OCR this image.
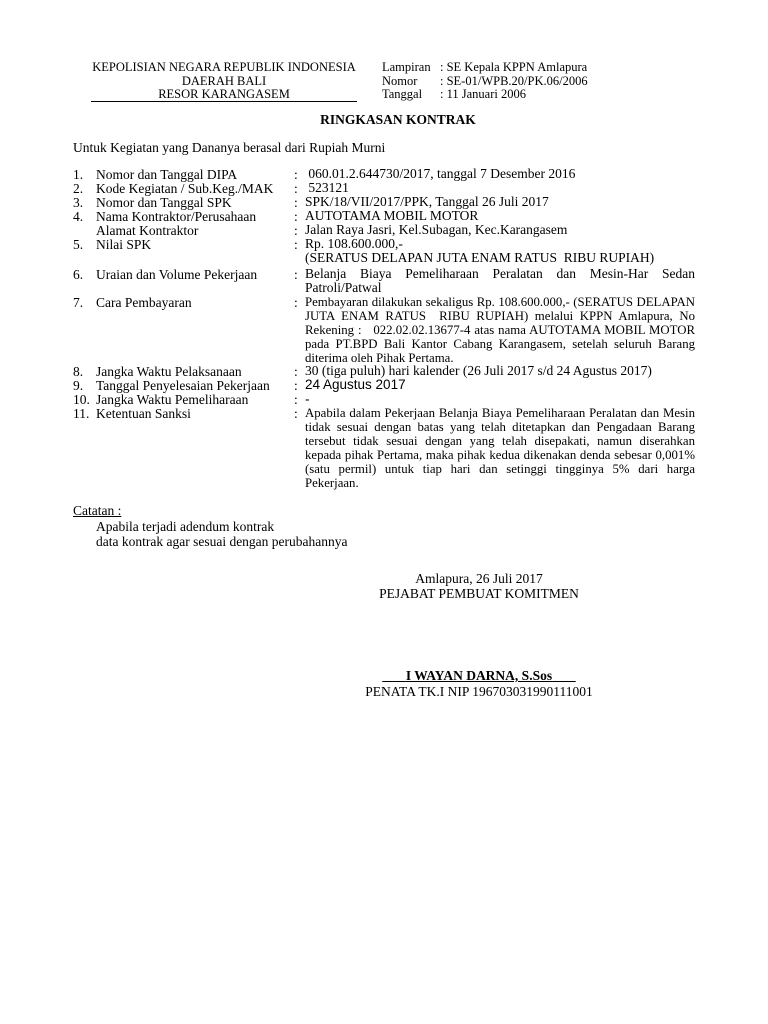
KEPOLISIAN NEGARA REPUBLIK INDONESIA
DAERAH BALI
RESOR KARANGASEM
Lampiran : SE Kepala KPPN Amlapura
Nomor	: SE-01/WPB.20/PK.06/2006
Tanggal	: 11 Januari 2006
RINGKASAN KONTRAK
Untuk Kegiatan yang Dananya berasal dari Rupiah Murni
1. Nomor dan Tanggal DIPA	: 060.01.2.644730/2017, tanggal 7 Desember 2016
2. Kode Kegiatan / Sub.Keg./MAK : 523121
3. Nomor dan Tanggal SPK	: SPK/18/VII/2017/PPK, Tanggal 26 Juli 2017
4. Nama Kontraktor/Perusahaan	: AUTOTAMA MOBIL MOTOR
Alamat Kontraktor	: Jalan Raya Jasri, Kel.Subagan, Kec.Karangasem
5. Nilai SPK	: Rp. 108.600.000,-
(SERATUS DELAPAN JUTA ENAM RATUS  RIBU RUPIAH)
6. Uraian dan Volume Pekerjaan	: Belanja Biaya Pemeliharaan Peralatan dan Mesin-Har Sedan Patroli/Patwal
7. Cara Pembayaran	: Pembayaran dilakukan sekaligus Rp. 108.600.000,- (SERATUS DELAPAN JUTA ENAM RATUS  RIBU RUPIAH) melalui KPPN Amlapura, No Rekening :   022.02.02.13677-4 atas nama AUTOTAMA MOBIL MOTOR pada PT.BPD Bali Kantor Cabang Karangasem, setelah seluruh Barang diterima oleh Pihak Pertama.
8. Jangka Waktu Pelaksanaan	: 30 (tiga puluh) hari kalender (26 Juli 2017 s/d 24 Agustus 2017)
9. Tanggal Penyelesaian Pekerjaan : 24 Agustus 2017
10. Jangka Waktu Pemeliharaan	: -
11. Ketentuan Sanksi	: Apabila dalam Pekerjaan Belanja Biaya Pemeliharaan Peralatan dan Mesin tidak sesuai dengan batas yang telah ditetapkan dan Pengadaan Barang tersebut tidak sesuai dengan yang telah disepakati, namun diserahkan kepada pihak Pertama, maka pihak kedua dikenakan denda sebesar 0,001% (satu permil) untuk tiap hari dan setinggi tingginya 5% dari harga Pekerjaan.
Catatan :
Apabila terjadi adendum kontrak
data kontrak agar sesuai dengan perubahannya
Amlapura, 26 Juli 2017
PEJABAT PEMBUAT KOMITMEN
I WAYAN DARNA, S.Sos
PENATA TK.I NIP 196703031990111001
